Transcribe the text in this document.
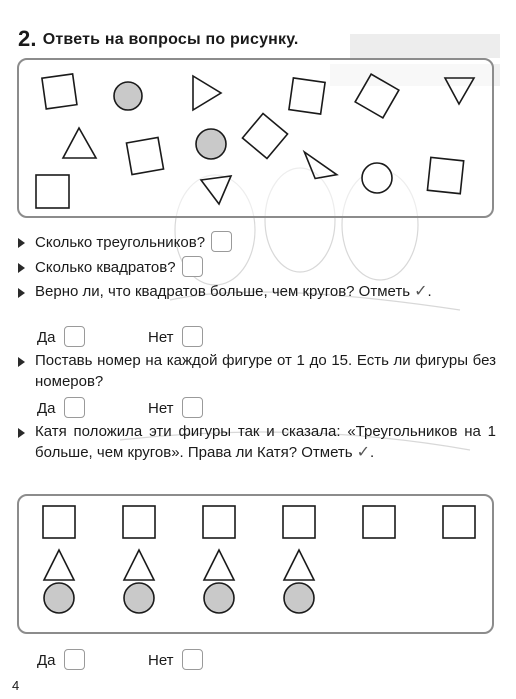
2. Ответь на вопросы по рисунку.
Сколько треугольников?
Сколько квадратов?
Верно ли, что квадратов больше, чем кругов? Отметь ✓.
Да	Нет
Поставь номер на каждой фигуре от 1 до 15. Есть ли фигуры без номеров?
Да	Нет
Катя положила эти фигуры так и сказала: «Треугольников на 1 больше, чем кругов». Права ли Катя? Отметь ✓.
Да	Нет
4
